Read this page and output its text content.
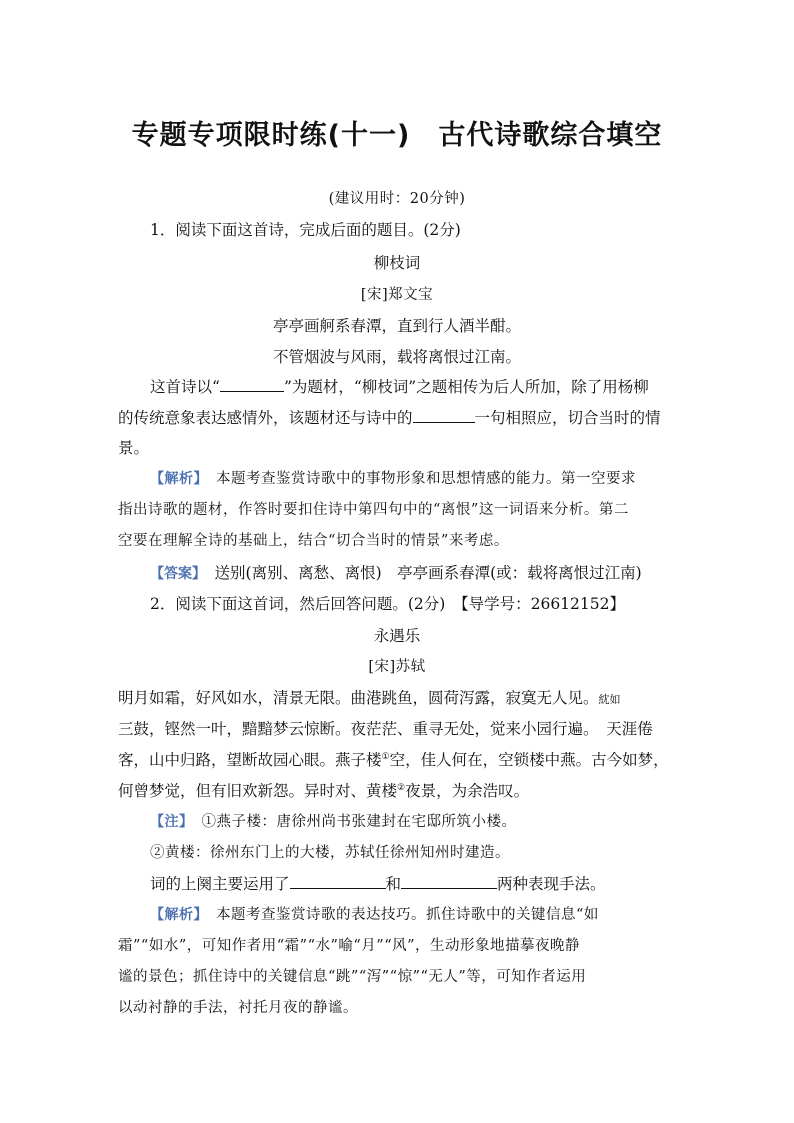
专题专项限时练(十一) 古代诗歌综合填空
(建议用时：20分钟)
1．阅读下面这首诗，完成后面的题目。(2分)
柳枝词
[宋]郑文宝
亭亭画舸系春潭，直到行人酒半酣。
不管烟波与风雨，载将离恨过江南。
这首诗以“	”为题材，“柳枝词”之题相传为后人所加，除了用杨柳
的传统意象表达感情外，该题材还与诗中的	一句相照应，切合当时的情
景。
【解析】　 本题考查鉴赏诗歌中的事物形象和思想情感的能力。第一空要求
指出诗歌的题材，作答时要扣住诗中第四句中的“离恨”这一词语来分析。第二
空要在理解全诗的基础上，结合“切合当时的情景”来考虑。
【答案】　 送别(离别、离愁、离恨)　亭亭画系春潭(或：载将离恨过江南)
2．阅读下面这首词，然后回答问题。(2分)　 【导学号：26612152】
永遇乐
[宋]苏轼
明月如霜，好风如水，清景无限。曲港跳鱼，圆荷泻露，寂寞无人见。紞如
三鼓，铿然一叶，黯黯梦云惊断。夜茫茫、重寻无处，觉来小园行遍。　天涯倦
客，山中归路，望断故园心眼。燕子楼①空，佳人何在，空锁楼中燕。古今如梦，
何曾梦觉，但有旧欢新怨。异时对、黄楼②夜景，为余浩叹。
【注】　 ①燕子楼：唐徐州尚书张建封在宅邸所筑小楼。
②黄楼：徐州东门上的大楼，苏轼任徐州知州时建造。
词的上阕主要运用了	和	两种表现手法。
【解析】　 本题考查鉴赏诗歌的表达技巧。抓住诗歌中的关键信息“如
霜”“如水”，可知作者用“霜”“水”喻“月”“风”，生动形象地描摹夜晚静
谧的景色；抓住诗中的关键信息“跳”“泻”“惊”“无人”等，可知作者运用
以动衬静的手法，衬托月夜的静谧。
